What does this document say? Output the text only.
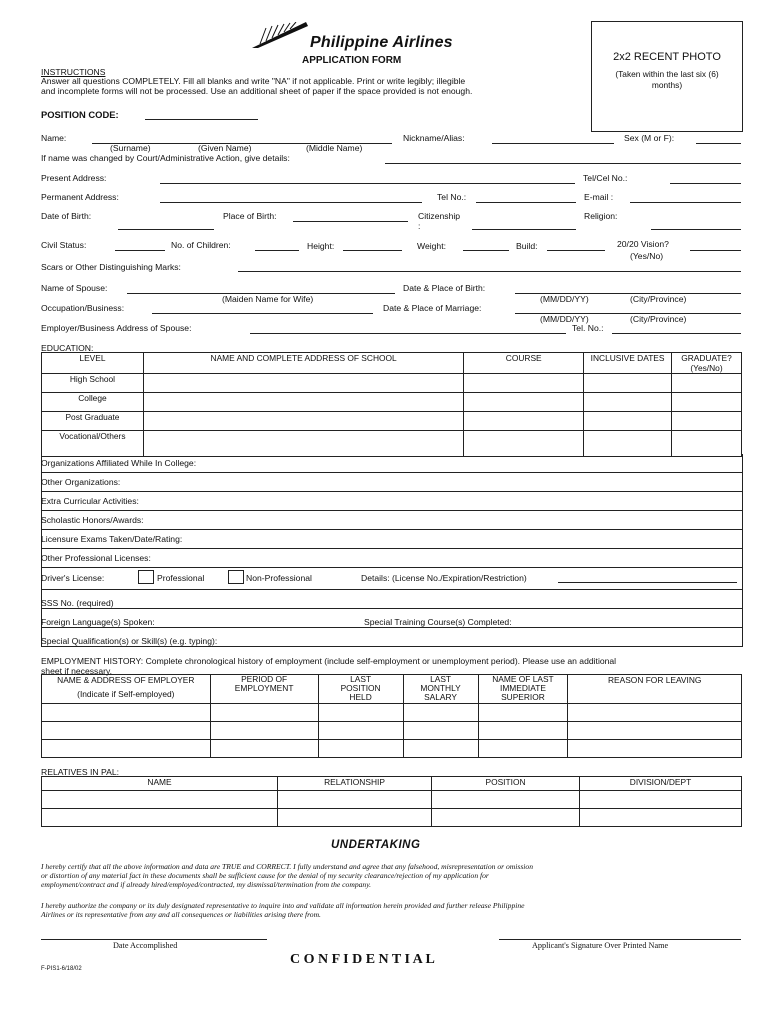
Philippine Airlines
APPLICATION FORM	2x2 RECENT PHOTO
(Taken within the last six (6) months)
INSTRUCTIONS
Answer all questions COMPLETELY. Fill all blanks and write "NA" if not applicable. Print or write legibly; illegible
and incomplete forms will not be processed. Use an additional sheet of paper if the space provided is not enough.
POSITION CODE:
Name:	Nickname/Alias:	Sex (M or F):
(Surname)	(Given Name)	(Middle Name)
If name was changed by Court/Administrative Action, give details:
Present Address:	Tel/Cel No.:
Permanent Address:	Tel No.:	E-mail :
Date of Birth:	Place of Birth:	Citizenship
:
Religion:
Civil Status:	No. of Children:	Height:	Weight:	Build:	20/20 Vision?
(Yes/No)
Scars or Other Distinguishing Marks:
Name of Spouse:	Date & Place of Birth:
(Maiden Name for Wife)	(MM/DD/YY)	(City/Province)
Occupation/Business:	Date & Place of Marriage:
(MM/DD/YY)	(City/Province)
Employer/Business Address of Spouse:	Tel. No.:
EDUCATION:
LEVEL	NAME AND COMPLETE ADDRESS OF SCHOOL	COURSE	INCLUSIVE DATES	GRADUATE? (Yes/No)
High School				
College				
Post Graduate				
Vocational/Others				
Organizations Affiliated While In College:
Other Organizations:
Extra Curricular Activities:
Scholastic Honors/Awards:
Licensure Exams Taken/Date/Rating:
Other Professional Licenses:
Driver's License:	Professional	Non-Professional	Details: (License No./Expiration/Restriction)
SSS No. (required)
Foreign Language(s) Spoken:	Special Training Course(s) Completed:
Special Qualification(s) or Skill(s) (e.g. typing):
EMPLOYMENT HISTORY: Complete chronological history of employment (include self-employment or unemployment period). Please use an additional
sheet if necessary.
NAME & ADDRESS OF EMPLOYER
(Indicate if Self-employed)	PERIOD OF EMPLOYMENT	LAST POSITION HELD	LAST MONTHLY SALARY	NAME OF LAST IMMEDIATE SUPERIOR	REASON FOR LEAVING

RELATIVES IN PAL:
NAME	RELATIONSHIP	POSITION	DIVISION/DEPT

UNDERTAKING
I hereby certify that all the above information and data are TRUE and CORRECT. I fully understand and agree that any falsehood, misrepresentation or omission
or distortion of any material fact in these documents shall be sufficient cause for the denial of my security clearance/rejection of my application for
employment/contract and if already hired/employed/contracted, my dismissal/termination from the company.
I hereby authorize the company or its duly designated representative to inquire into and validate all information herein provided and further release Philippine
Airlines or its representative from any and all consequences or liabilities arising there from.
Date Accomplished	Applicant's Signature Over Printed Name
C O N F I D E N T I A L
F-PIS1-6/18/02
